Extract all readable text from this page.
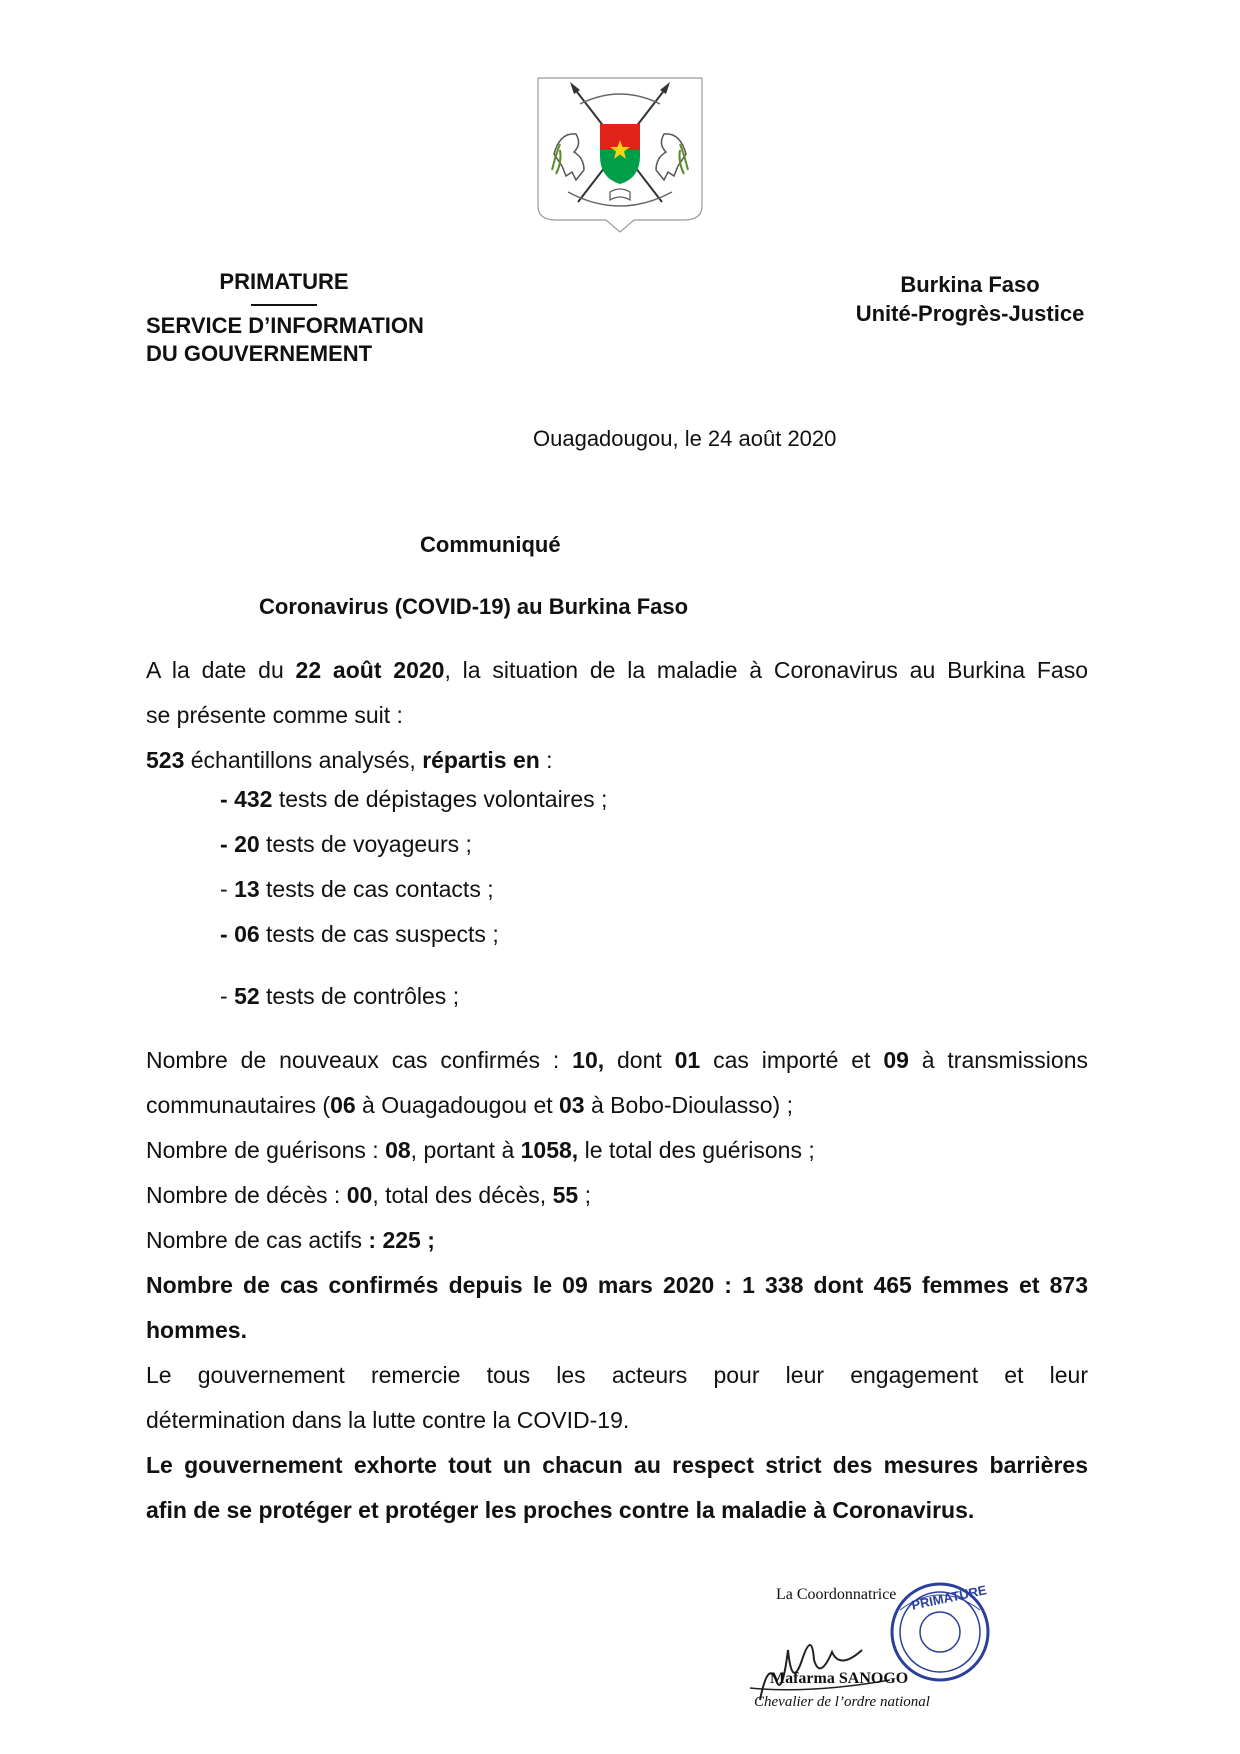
PRIMATURE
SERVICE D’INFORMATION
DU GOUVERNEMENT
Burkina Faso
Unité-Progrès-Justice
Ouagadougou, le 24 août 2020
Communiqué
Coronavirus (COVID-19) au Burkina Faso
A la date du 22 août 2020, la situation de la maladie à Coronavirus au Burkina Faso
se présente comme suit :
523 échantillons analysés, répartis en :
- 432 tests de dépistages volontaires ;
- 20 tests de voyageurs ;
- 13 tests de cas contacts ;
- 06 tests de cas suspects ;
- 52 tests de contrôles ;
Nombre de nouveaux cas confirmés : 10, dont 01 cas importé et 09 à transmissions
communautaires (06 à Ouagadougou et 03 à Bobo-Dioulasso) ;
Nombre de guérisons : 08, portant à 1058, le total des guérisons ;
Nombre de décès : 00, total des décès, 55 ;
Nombre de cas actifs : 225 ;
Nombre de cas confirmés depuis le 09 mars 2020 : 1 338 dont 465 femmes et 873
hommes.
Le gouvernement remercie tous les acteurs pour leur engagement et leur
détermination dans la lutte contre la COVID-19.
Le gouvernement exhorte tout un chacun au respect strict des mesures barrières
afin de se protéger et protéger les proches contre la maladie à Coronavirus.
PRIMATURE
La Coordonnatrice
Mafarma SANOGO
Chevalier de l’ordre national
